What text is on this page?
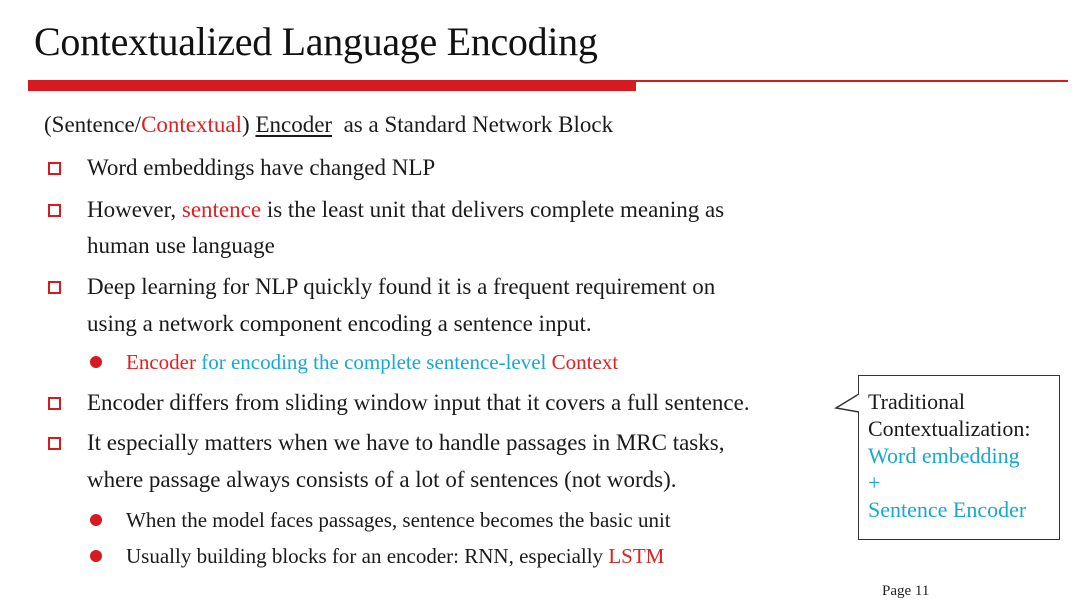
Contextualized Language Encoding
(Sentence/Contextual) Encoder  as a Standard Network Block
Word embeddings have changed NLP
However, sentence is the least unit that delivers complete meaning as
human use language
Deep learning for NLP quickly found it is a frequent requirement on
using a network component encoding a sentence input.
Encoder for encoding the complete sentence-level Context
Encoder differs from sliding window input that it covers a full sentence.
It especially matters when we have to handle passages in MRC tasks,
where passage always consists of a lot of sentences (not words).
When the model faces passages, sentence becomes the basic unit
Usually building blocks for an encoder: RNN, especially LSTM
Traditional
Contextualization:
Word embedding
+
Sentence Encoder
Page 11
